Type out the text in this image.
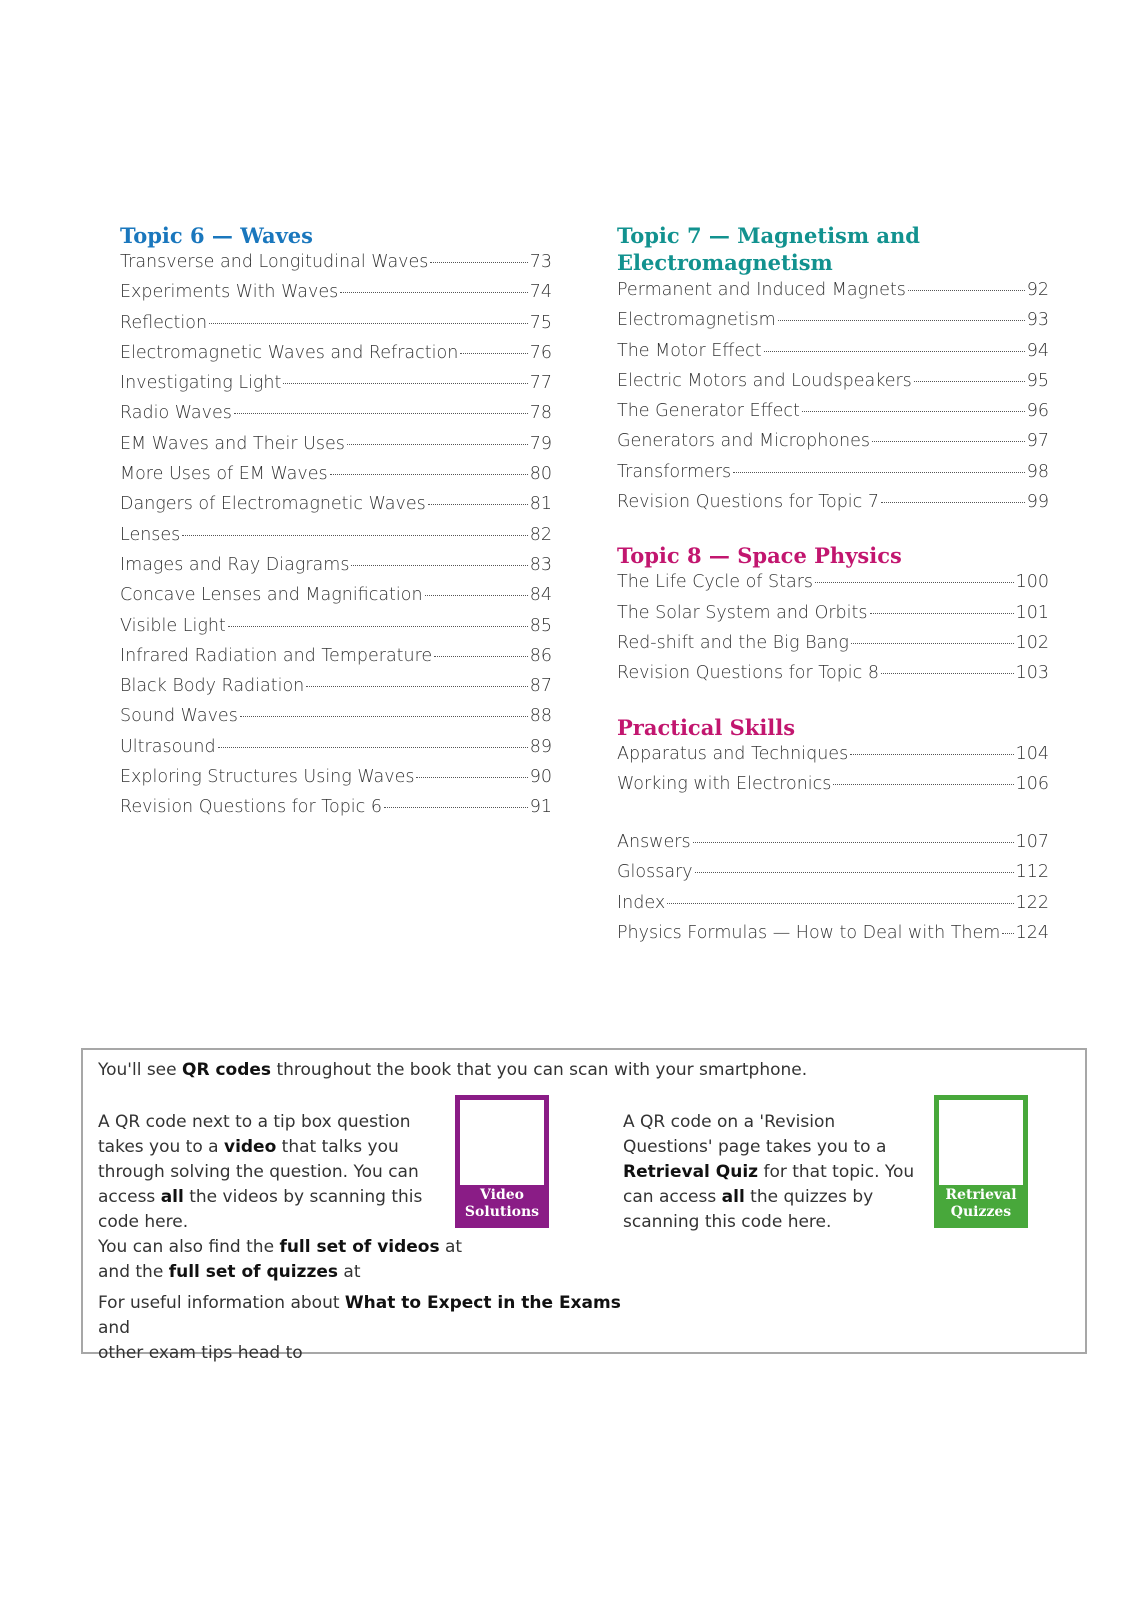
Topic 6 — Waves
Transverse and Longitudinal Waves	73
Experiments With Waves	74
Reflection	75
Electromagnetic Waves and Refraction	76
Investigating Light	77
Radio Waves	78
EM Waves and Their Uses	79
More Uses of EM Waves	80
Dangers of Electromagnetic Waves	81
Lenses	82
Images and Ray Diagrams	83
Concave Lenses and Magnification	84
Visible Light	85
Infrared Radiation and Temperature	86
Black Body Radiation	87
Sound Waves	88
Ultrasound	89
Exploring Structures Using Waves	90
Revision Questions for Topic 6	91
Topic 7 — Magnetism and
Electromagnetism
Permanent and Induced Magnets	92
Electromagnetism	93
The Motor Effect	94
Electric Motors and Loudspeakers	95
The Generator Effect	96
Generators and Microphones	97
Transformers	98
Revision Questions for Topic 7	99
Topic 8 — Space Physics
The Life Cycle of Stars	100
The Solar System and Orbits	101
Red-shift and the Big Bang	102
Revision Questions for Topic 8	103
Practical Skills
Apparatus and Techniques	104
Working with Electronics	106
Answers	107
Glossary	112
Index	122
Physics Formulas — How to Deal with Them 124
You'll see QR codes throughout the book that you can scan with your smartphone.
A QR code next to a tip box question takes you to a video that talks you through solving the question. You can access all the videos by scanning this code here.
Video
Solutions
A QR code on a 'Revision Questions' page takes you to a Retrieval Quiz for that topic. You can access all the quizzes by scanning this code here.
Retrieval
Quizzes
You can also find the full set of videos at
and the full set of quizzes at
For useful information about What to Expect in the Exams and
other exam tips head to
